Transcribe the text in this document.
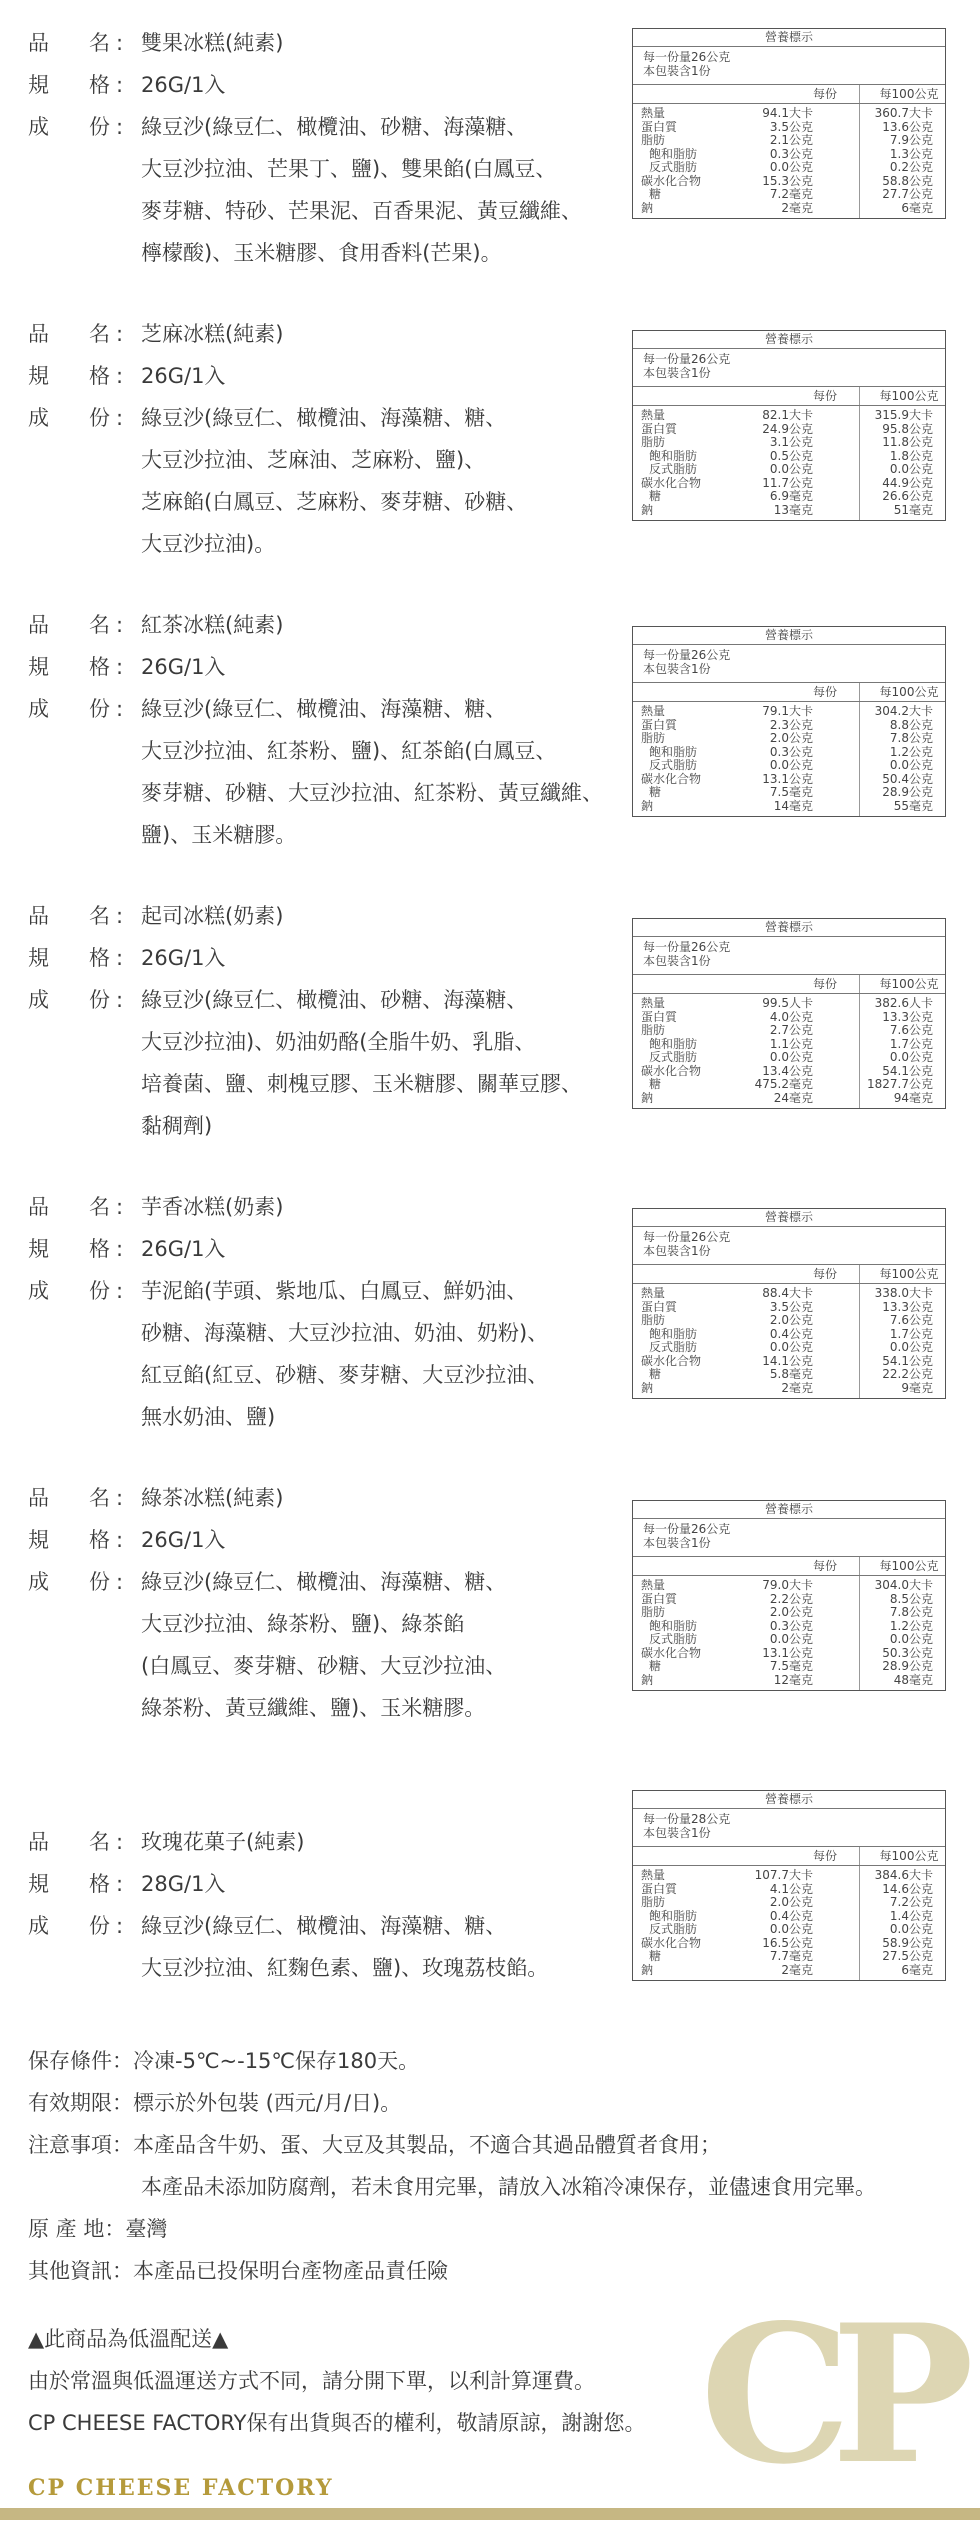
品 名 : 雙果冰糕(純素)
規 格 : 26G/1入
成 份 : 綠豆沙(綠豆仁、橄欖油、砂糖、海藻糖、
大豆沙拉油、芒果丁、鹽)、雙果餡(白鳳豆、
麥芽糖、特砂、芒果泥、百香果泥、黃豆纖維、
檸檬酸)、玉米糖膠、食用香料(芒果)。
營養標示
每一份量26公克
本包裝含1份
每份	每100公克
熱量	94.1大卡	360.7大卡
蛋白質	3.5公克	13.6公克
脂肪	2.1公克	7.9公克
飽和脂肪	0.3公克	1.3公克
反式脂肪	0.0公克	0.2公克
碳水化合物	15.3公克	58.8公克
糖	7.2毫克	27.7公克
鈉	2毫克	6毫克
品 名 : 芝麻冰糕(純素)
規 格 : 26G/1入
成 份 : 綠豆沙(綠豆仁、橄欖油、海藻糖、糖、
大豆沙拉油、芝麻油、芝麻粉、鹽)、
芝麻餡(白鳳豆、芝麻粉、麥芽糖、砂糖、
大豆沙拉油)。
營養標示
每一份量26公克
本包裝含1份
每份	每100公克
熱量	82.1大卡	315.9大卡
蛋白質	24.9公克	95.8公克
脂肪	3.1公克	11.8公克
飽和脂肪	0.5公克	1.8公克
反式脂肪	0.0公克	0.0公克
碳水化合物	11.7公克	44.9公克
糖	6.9毫克	26.6公克
鈉	13毫克	51毫克
品 名 : 紅茶冰糕(純素)
規 格 : 26G/1入
成 份 : 綠豆沙(綠豆仁、橄欖油、海藻糖、糖、
大豆沙拉油、紅茶粉、鹽)、紅茶餡(白鳳豆、
麥芽糖、砂糖、大豆沙拉油、紅茶粉、黃豆纖維、
鹽)、玉米糖膠。
營養標示
每一份量26公克
本包裝含1份
每份	每100公克
熱量	79.1大卡	304.2大卡
蛋白質	2.3公克	8.8公克
脂肪	2.0公克	7.8公克
飽和脂肪	0.3公克	1.2公克
反式脂肪	0.0公克	0.0公克
碳水化合物	13.1公克	50.4公克
糖	7.5毫克	28.9公克
鈉	14毫克	55毫克
品 名 : 起司冰糕(奶素)
規 格 : 26G/1入
成 份 : 綠豆沙(綠豆仁、橄欖油、砂糖、海藻糖、
大豆沙拉油)、奶油奶酪(全脂牛奶、乳脂、
培養菌、鹽、刺槐豆膠、玉米糖膠、關華豆膠、
黏稠劑)
營養標示
每一份量26公克
本包裝含1份
每份	每100公克
熱量	99.5人卡	382.6人卡
蛋白質	4.0公克	13.3公克
脂肪	2.7公克	7.6公克
飽和脂肪	1.1公克	1.7公克
反式脂肪	0.0公克	0.0公克
碳水化合物	13.4公克	54.1公克
糖	475.2毫克	1827.7公克
鈉	24毫克	94毫克
品 名 : 芋香冰糕(奶素)
規 格 : 26G/1入
成 份 : 芋泥餡(芋頭、紫地瓜、白鳳豆、鮮奶油、
砂糖、海藻糖、大豆沙拉油、奶油、奶粉)、
紅豆餡(紅豆、砂糖、麥芽糖、大豆沙拉油、
無水奶油、鹽)
營養標示
每一份量26公克
本包裝含1份
每份	每100公克
熱量	88.4大卡	338.0大卡
蛋白質	3.5公克	13.3公克
脂肪	2.0公克	7.6公克
飽和脂肪	0.4公克	1.7公克
反式脂肪	0.0公克	0.0公克
碳水化合物	14.1公克	54.1公克
糖	5.8毫克	22.2公克
鈉	2毫克	9毫克
品 名 : 綠茶冰糕(純素)
規 格 : 26G/1入
成 份 : 綠豆沙(綠豆仁、橄欖油、海藻糖、糖、
大豆沙拉油、綠茶粉、鹽)、綠茶餡
(白鳳豆、麥芽糖、砂糖、大豆沙拉油、
綠茶粉、黃豆纖維、鹽)、玉米糖膠。
營養標示
每一份量26公克
本包裝含1份
每份	每100公克
熱量	79.0大卡	304.0大卡
蛋白質	2.2公克	8.5公克
脂肪	2.0公克	7.8公克
飽和脂肪	0.3公克	1.2公克
反式脂肪	0.0公克	0.0公克
碳水化合物	13.1公克	50.3公克
糖	7.5毫克	28.9公克
鈉	12毫克	48毫克
品 名 : 玫瑰花菓子(純素)
規 格 : 28G/1入
成 份 : 綠豆沙(綠豆仁、橄欖油、海藻糖、糖、
大豆沙拉油、紅麴色素、鹽)、玫瑰荔枝餡。
營養標示
每一份量28公克
本包裝含1份
每份	每100公克
熱量	107.7大卡	384.6大卡
蛋白質	4.1公克	14.6公克
脂肪	2.0公克	7.2公克
飽和脂肪	0.4公克	1.4公克
反式脂肪	0.0公克	0.0公克
碳水化合物	16.5公克	58.9公克
糖	7.7毫克	27.5公克
鈉	2毫克	6毫克
保存條件：冷凍-5℃~-15℃保存180天。
有效期限：標示於外包裝 (西元/月/日)。
注意事項：本產品含牛奶、蛋、大豆及其製品，不適合其過品體質者食用；
本產品未添加防腐劑，若未食用完畢，請放入冰箱冷凍保存，並儘速食用完畢。
原 產 地：臺灣
其他資訊：本產品已投保明台產物產品責任險
CP
▲此商品為低溫配送▲
由於常溫與低溫運送方式不同，請分開下單，以利計算運費。
CP CHEESE FACTORY保有出貨與否的權利，敬請原諒，謝謝您。
CP CHEESE FACTORY
